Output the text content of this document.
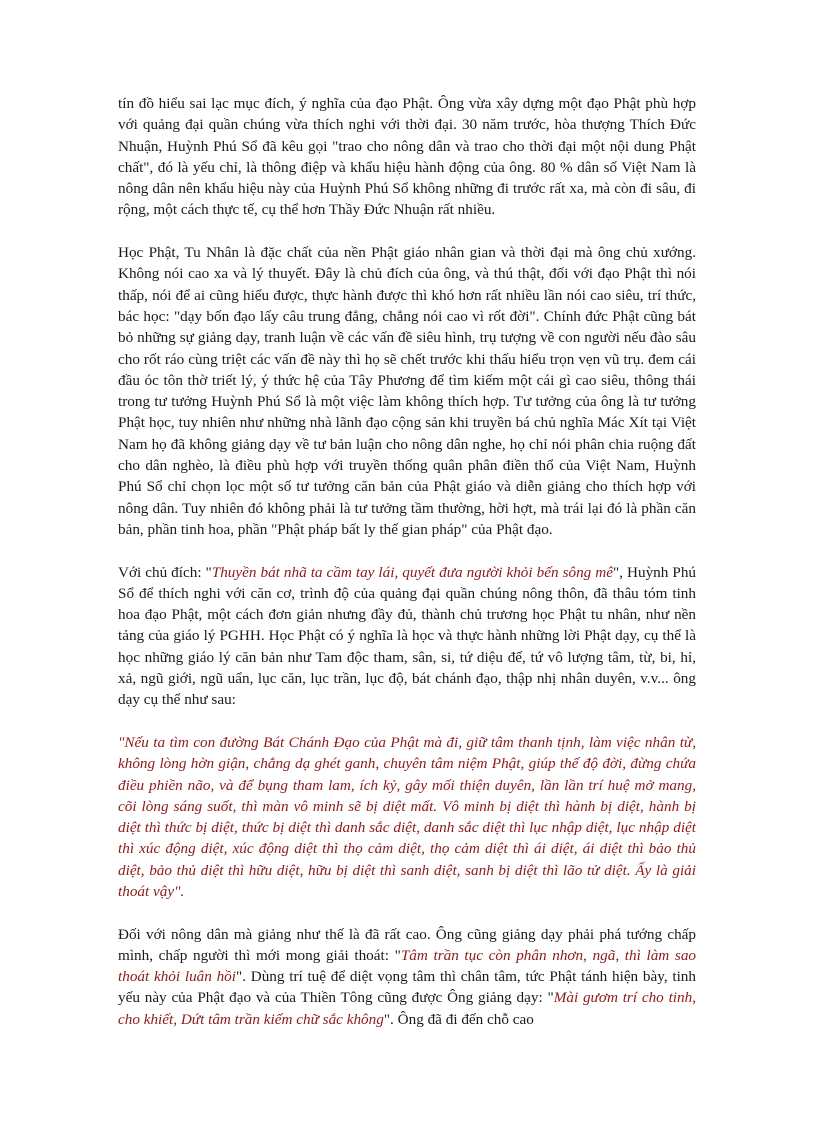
tín đồ hiểu sai lạc mục đích, ý nghĩa của đạo Phật. Ông vừa xây dựng một đạo Phật phù hợp với quảng đại quần chúng vừa thích nghi với thời đại. 30 năm trước, hòa thượng Thích Đức Nhuận, Huỳnh Phú Sổ đã kêu gọi "trao cho nông dân và trao cho thời đại một nội dung Phật chất", đó là yếu chỉ, là thông điệp và khẩu hiệu hành động của ông. 80 % dân số Việt Nam là nông dân nên khẩu hiệu này của Huỳnh Phú Sổ không những đi trước rất xa, mà còn đi sâu, đi rộng, một cách thực tế, cụ thể hơn Thầy Đức Nhuận rất nhiều.

Học Phật, Tu Nhân là đặc chất của nền Phật giáo nhân gian và thời đại mà ông chủ xướng. Không nói cao xa và lý thuyết. Đây là chủ đích của ông, và thú thật, đối với đạo Phật thì nói thấp, nói để ai cũng hiểu được, thực hành được thì khó hơn rất nhiều lần nói cao siêu, trí thức, bác học: "dạy bốn đạo lấy câu trung đẳng, chẳng nói cao vì rốt đời". Chính đức Phật cũng bát bỏ những sự giảng dạy, tranh luận về các vấn đề siêu hình, trụ tượng về con người nếu đào sâu cho rốt ráo cùng triệt các vấn đề này thì họ sẽ chết trước khi thấu hiểu trọn vẹn vũ trụ. đem cái đầu óc tôn thờ triết lý, ý thức hệ của Tây Phương để tìm kiếm một cái gì cao siêu, thông thái trong tư tưởng Huỳnh Phú Sổ là một việc làm không thích hợp. Tư tưởng của ông là tư tưởng Phật học, tuy nhiên như những nhà lãnh đạo cộng sản khi truyền bá chủ nghĩa Mác Xít tại Việt Nam họ đã không giảng dạy về tư bản luận cho nông dân nghe, họ chỉ nói phân chia ruộng đất cho dân nghèo, là điều phù hợp với truyền thống quân phân điền thổ của Việt Nam, Huỳnh Phú Sổ chỉ chọn lọc một số tư tưởng căn bản của Phật giáo và diễn giảng cho thích hợp với nông dân. Tuy nhiên đó không phải là tư tưởng tầm thường, hời hợt, mà trái lại đó là phần căn bản, phần tinh hoa, phần "Phật pháp bất ly thế gian pháp" của Phật đạo.

Với chủ đích: "Thuyền bát nhã ta cầm tay lái, quyết đưa người khỏi bến sông mê", Huỳnh Phú Sổ để thích nghi với căn cơ, trình độ của quảng đại quần chúng nông thôn, đã thâu tóm tinh hoa đạo Phật, một cách đơn giản nhưng đầy đủ, thành chủ trương học Phật tu nhân, như nền tảng của giáo lý PGHH. Học Phật có ý nghĩa là học và thực hành những lời Phật dạy, cụ thể là học những giáo lý căn bản như Tam độc tham, sân, si, tứ diệu đế, tứ vô lượng tâm, từ, bi, hỉ, xả, ngũ giới, ngũ uẩn, lục căn, lục trần, lục độ, bát chánh đạo, thập nhị nhân duyên, v.v... ông dạy cụ thể như sau:

"Nếu ta tìm con đường Bát Chánh Đạo của Phật mà đi, giữ tâm thanh tịnh, làm việc nhân từ, không lòng hờn giận, chẳng dạ ghét ganh, chuyên tâm niệm Phật, giúp thế độ đời, đừng chứa điều phiền não, và để bụng tham lam, ích kỷ, gây mối thiện duyên, lần lần trí huệ mở mang, cõi lòng sáng suốt, thì màn vô minh sẽ bị diệt mất. Vô minh bị diệt thì hành bị diệt, hành bị diệt thì thức bị diệt, thức bị diệt thì danh sắc diệt, danh sắc diệt thì lục nhập diệt, lục nhập diệt thì xúc động diệt, xúc động diệt thì thọ cảm diệt, thọ cảm diệt thì ái diệt, ái diệt thì bảo thủ diệt, bảo thủ diệt thì hữu diệt, hữu bị diệt thì sanh diệt, sanh bị diệt thì lão tử diệt. Ấy là giải thoát vậy".

Đối với nông dân mà giảng như thế là đã rất cao. Ông cũng giảng dạy phải phá tướng chấp mình, chấp người thì mới mong giải thoát: "Tâm trần tục còn phân nhơn, ngã, thì làm sao thoát khỏi luân hồi". Dùng trí tuệ để diệt vọng tâm thì chân tâm, tức Phật tánh hiện bày, tinh yếu này của Phật đạo và của Thiền Tông cũng được Ông giảng dạy: "Mài gươm trí cho tinh, cho khiết, Dứt tâm trần kiếm chữ sắc không". Ông đã đi đến chỗ cao
